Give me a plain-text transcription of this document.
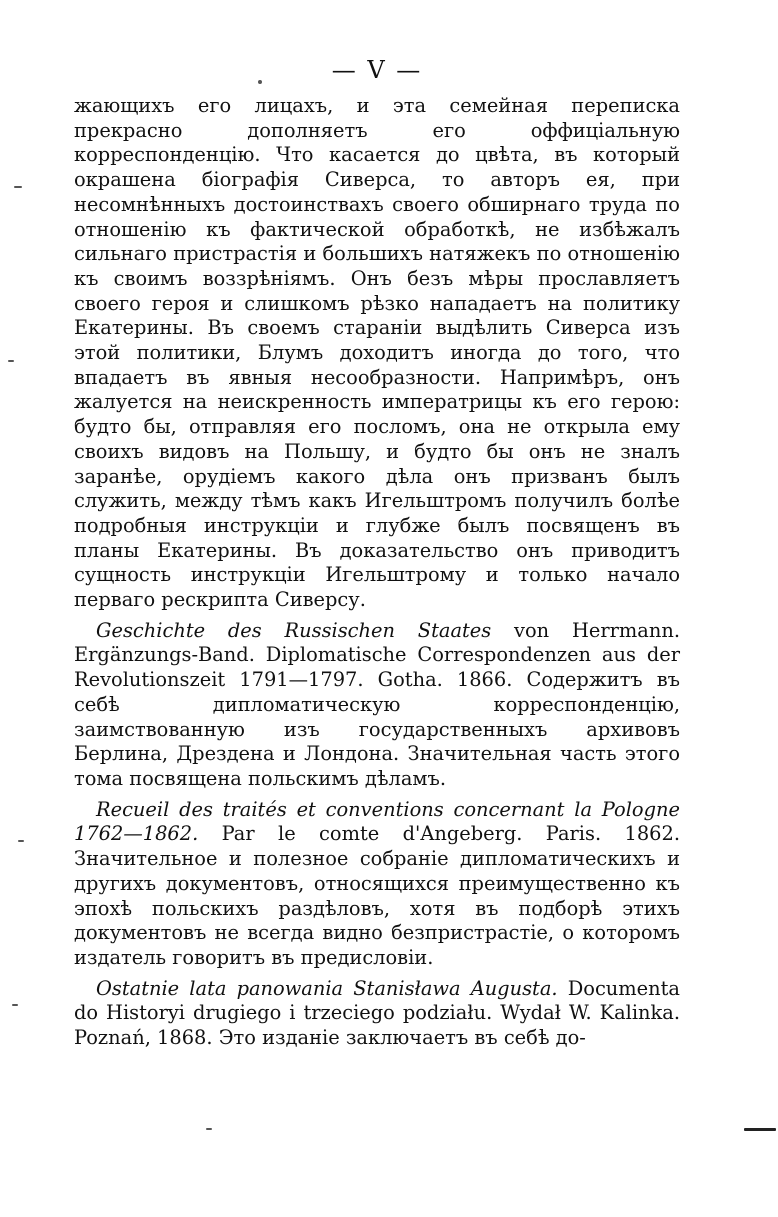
— V —

жающихъ его лицахъ, и эта семейная переписка прекрасно дополняетъ его оффиціальную корреспонденцію. Что касается до цвѣта, въ который окрашена біографія Сиверса, то авторъ ея, при несомнѣнныхъ достоинствахъ своего обширнаго труда по отношенію къ фактической обработкѣ, не избѣжалъ сильнаго пристрастія и большихъ натяжекъ по отношенію къ своимъ воззрѣніямъ. Онъ безъ мѣры прославляетъ своего героя и слишкомъ рѣзко нападаетъ на политику Екатерины. Въ своемъ стараніи выдѣлить Сиверса изъ этой политики, Блумъ доходитъ иногда до того, что впадаетъ въ явныя несообразности. Напримѣръ, онъ жалуется на неискренность императрицы къ его герою: будто бы, отправляя его посломъ, она не открыла ему своихъ видовъ на Польшу, и будто бы онъ не зналъ заранѣе, орудіемъ какого дѣла онъ призванъ былъ служить, между тѣмъ какъ Игельштромъ получилъ болѣе подробныя инструкціи и глубже былъ посвященъ въ планы Екатерины. Въ доказательство онъ приводитъ сущность инструкціи Игельштрому и только начало перваго рескрипта Сиверсу.

Geschichte des Russischen Staates von Herrmann. Ergänzungs-Band. Diplomatische Correspondenzen aus der Revolutionszeit 1791—1797. Gotha. 1866. Содержитъ въ себѣ дипломатическую корреспонденцію, заимствованную изъ государственныхъ архивовъ Берлина, Дрездена и Лондона. Значительная часть этого тома посвящена польскимъ дѣламъ.

Recueil des traités et conventions concernant la Pologne 1762—1862. Par le comte d'Angeberg. Paris. 1862. Значительное и полезное собраніе дипломатическихъ и другихъ документовъ, относящихся преимущественно къ эпохѣ польскихъ раздѣловъ, хотя въ подборѣ этихъ документовъ не всегда видно безпристрастіе, о которомъ издатель говоритъ въ предисловіи.

Ostatnie lata panowania Stanisława Augusta. Documenta do Historyi drugiego i trzeciego podziału. Wydał W. Kalinka. Poznań, 1868. Это изданіе заключаетъ въ себѣ до-
